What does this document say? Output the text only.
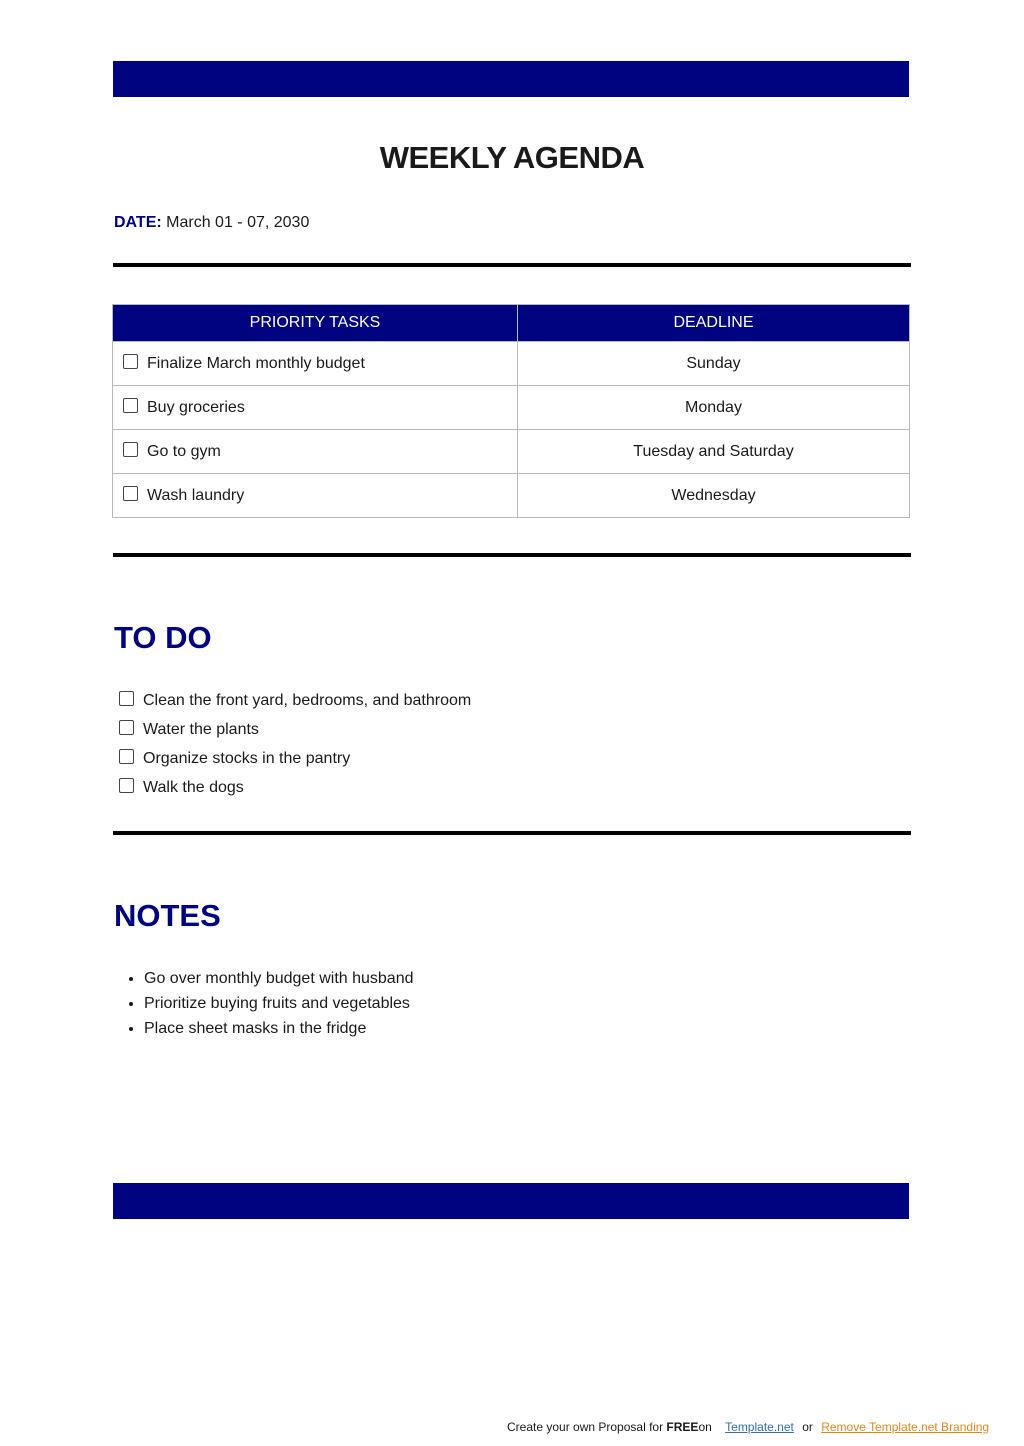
WEEKLY AGENDA
DATE: March 01 - 07, 2030
PRIORITY TASKS	DEADLINE
Finalize March monthly budget	Sunday
Buy groceries	Monday
Go to gym	Tuesday and Saturday
Wash laundry	Wednesday
TO DO
Clean the front yard, bedrooms, and bathroom
Water the plants
Organize stocks in the pantry
Walk the dogs
NOTES
• Go over monthly budget with husband
• Prioritize buying fruits and vegetables
• Place sheet masks in the fridge
Create your own Proposal for FREEon Template.net or Remove Template.net Branding
